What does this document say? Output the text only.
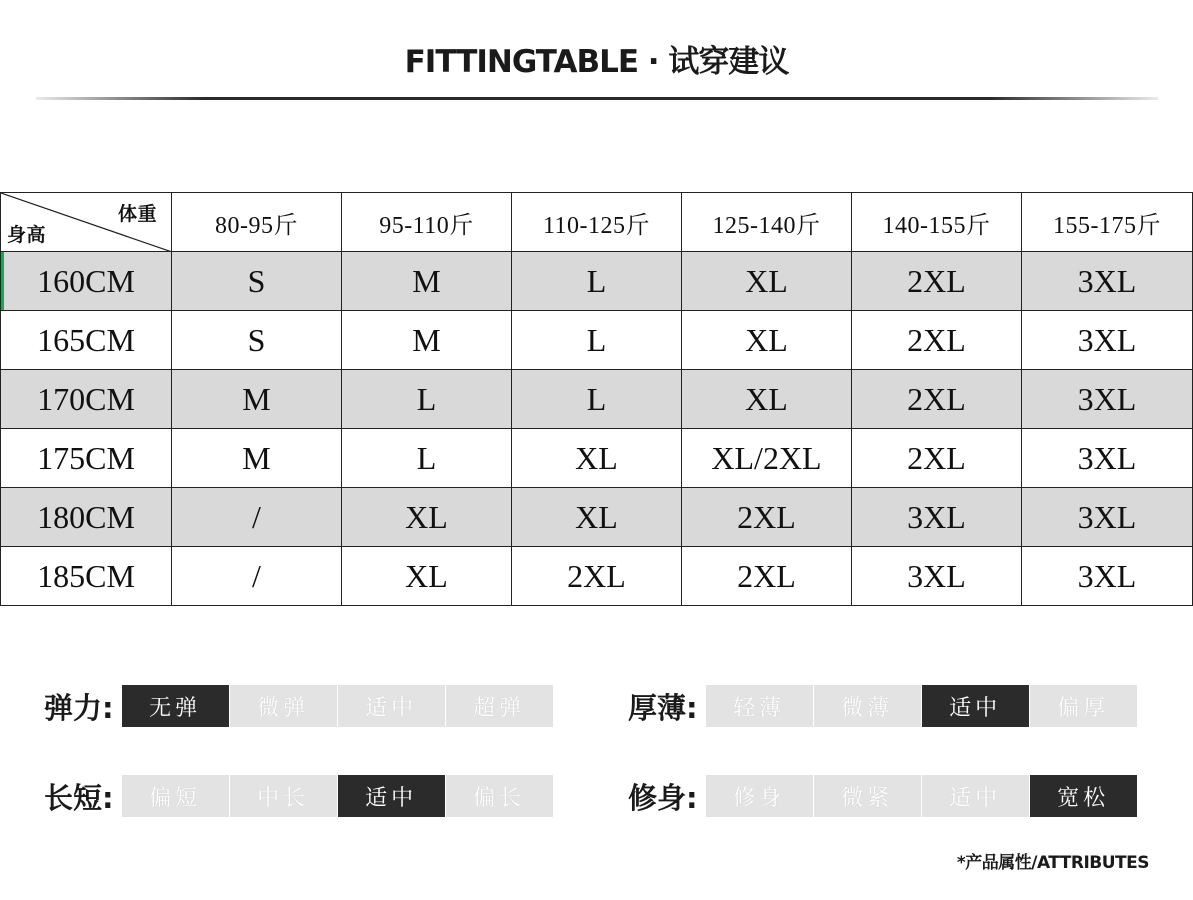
FITTINGTABLE · 试穿建议
体重
身高	80-95斤	95-110斤	110-125斤	125-140斤	140-155斤	155-175斤
160CM	S	M	L	XL	2XL	3XL
165CM	S	M	L	XL	2XL	3XL
170CM	M	L	L	XL	2XL	3XL
175CM	M	L	XL	XL/2XL	2XL	3XL
180CM	/	XL	XL	2XL	3XL	3XL
185CM	/	XL	2XL	2XL	3XL	3XL
弹力:	无弹	微弹	适中	超弹	厚薄:	轻薄	微薄	适中	偏厚
长短:	偏短	中长	适中	偏长	修身:	修身	微紧	适中	宽松
*产品属性/ATTRIBUTES
